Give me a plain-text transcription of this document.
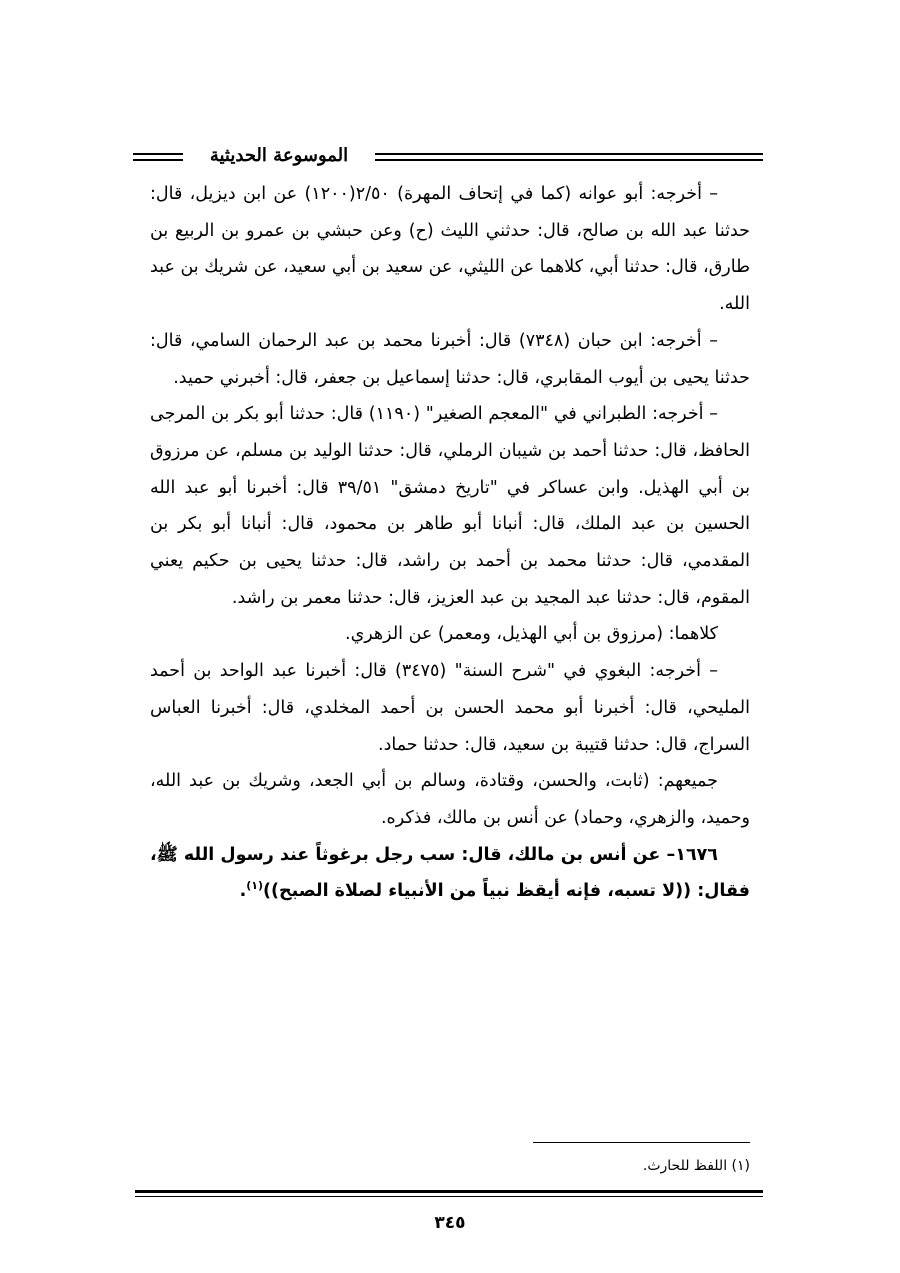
الموسوعة الحديثية

– أخرجه: أبو عوانه (كما في إتحاف المهرة) ٢/٥٠(١٢٠٠) عن ابن ديزيل، قال: حدثنا عبد الله بن صالح، قال: حدثني الليث (ح) وعن حبشي بن عمرو بن الربيع بن طارق، قال: حدثنا أبي، كلاهما عن الليثي، عن سعيد بن أبي سعيد، عن شريك بن عبد الله.

– أخرجه: ابن حبان (٧٣٤٨) قال: أخبرنا محمد بن عبد الرحمان السامي، قال: حدثنا يحيى بن أيوب المقابري، قال: حدثنا إسماعيل بن جعفر، قال: أخبرني حميد.

– أخرجه: الطبراني في "المعجم الصغير" (١١٩٠) قال: حدثنا أبو بكر بن المرجى الحافظ، قال: حدثنا أحمد بن شيبان الرملي، قال: حدثنا الوليد بن مسلم، عن مرزوق بن أبي الهذيل. وابن عساكر في "تاريخ دمشق" ٣٩/٥١ قال: أخبرنا أبو عبد الله الحسين بن عبد الملك، قال: أنبانا أبو طاهر بن محمود، قال: أنبانا أبو بكر بن المقدمي، قال: حدثنا محمد بن أحمد بن راشد، قال: حدثنا يحيى بن حكيم يعني المقوم، قال: حدثنا عبد المجيد بن عبد العزيز، قال: حدثنا معمر بن راشد.

كلاهما: (مرزوق بن أبي الهذيل، ومعمر) عن الزهري.

– أخرجه: البغوي في "شرح السنة" (٣٤٧٥) قال: أخبرنا عبد الواحد بن أحمد المليحي، قال: أخبرنا أبو محمد الحسن بن أحمد المخلدي، قال: أخبرنا العباس السراج، قال: حدثنا قتيبة بن سعيد، قال: حدثنا حماد.

جميعهم: (ثابت، والحسن، وقتادة، وسالم بن أبي الجعد، وشريك بن عبد الله، وحميد، والزهري، وحماد) عن أنس بن مالك، فذكره.

١٦٧٦– عن أنس بن مالك، قال: سب رجل برغوثاً عند رسول الله ﷺ، فقال: ((لا تسبه، فإنه أيقظ نبياً من الأنبياء لصلاة الصبح))$^{(١)}$.

(١) اللفظ للحارث.
٣٤٥
